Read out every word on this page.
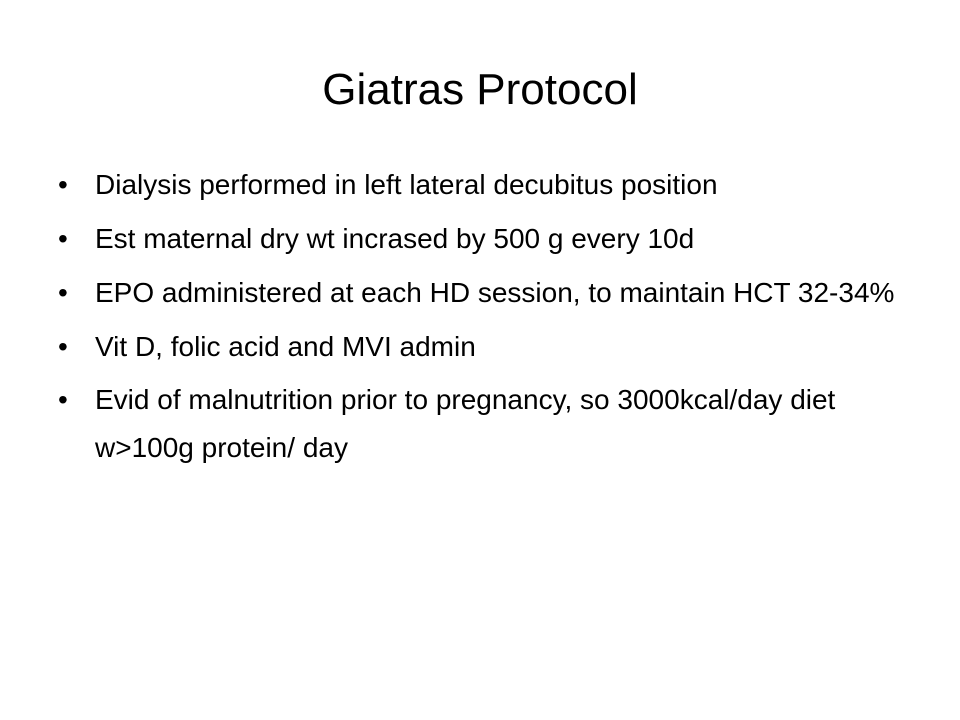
Giatras Protocol
• Dialysis performed in left lateral decubitus position
• Est maternal dry wt incrased by 500 g every 10d
• EPO administered at each HD session, to maintain HCT 32-34%
• Vit D, folic acid and MVI admin
• Evid of malnutrition prior to pregnancy, so 3000kcal/day diet w>100g protein/ day
